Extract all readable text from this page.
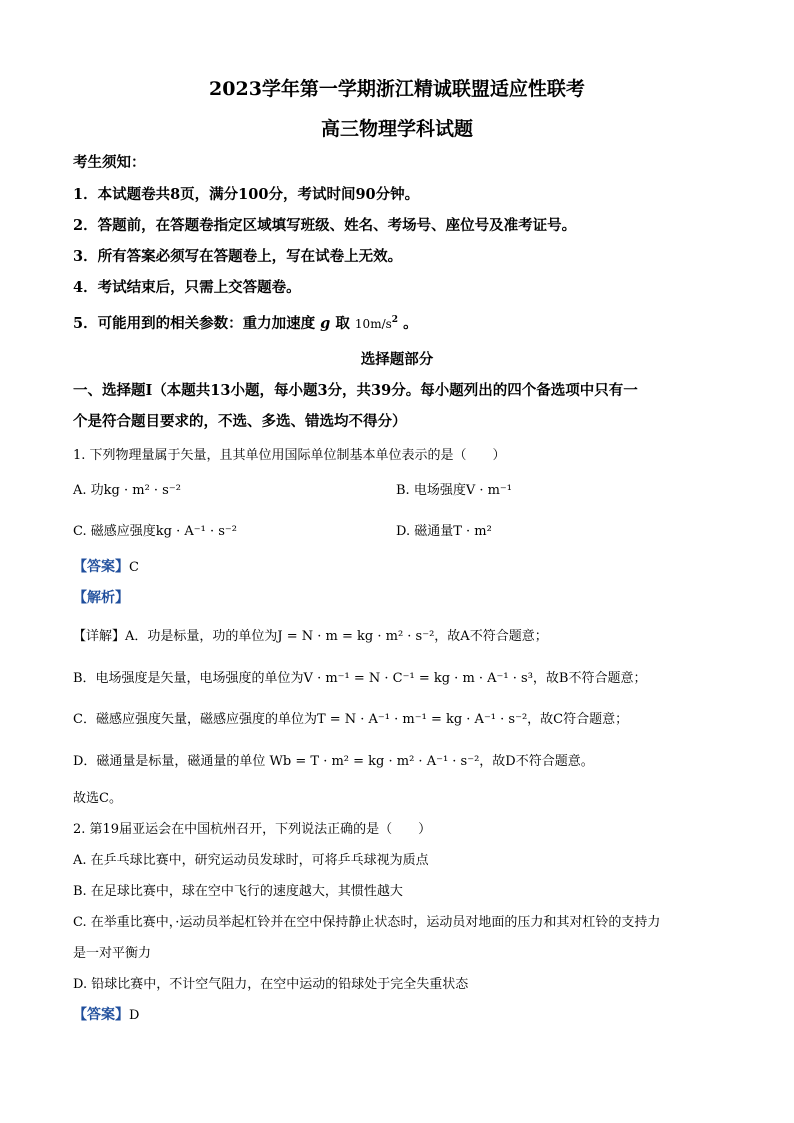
2023学年第一学期浙江精诚联盟适应性联考
高三物理学科试题
考生须知：
1．本试题卷共8页，满分100分，考试时间90分钟。
2．答题前，在答题卷指定区域填写班级、姓名、考场号、座位号及准考证号。
3．所有答案必须写在答题卷上，写在试卷上无效。
4．考试结束后，只需上交答题卷。
5．可能用到的相关参数：重力加速度 g 取 $10m/s^2$ 。
选择题部分
一、选择题Ⅰ（本题共13小题，每小题3分，共39分。每小题列出的四个备选项中只有一
个是符合题目要求的，不选、多选、错选均不得分）
1. 下列物理量属于矢量，且其单位用国际单位制基本单位表示的是（　　）
A. 功kg · m² · s⁻²	B. 电场强度V · m⁻¹
C. 磁感应强度kg · A⁻¹ · s⁻²	D. 磁通量T · m²
【答案】C
【解析】
【详解】A．功是标量，功的单位为J = N · m = kg · m² · s⁻²，故A不符合题意；
B．电场强度是矢量，电场强度的单位为V · m⁻¹ = N · C⁻¹ = kg · m · A⁻¹ · s³，故B不符合题意；
C．磁感应强度矢量，磁感应强度的单位为T = N · A⁻¹ · m⁻¹ = kg · A⁻¹ · s⁻²，故C符合题意；
D．磁通量是标量，磁通量的单位 Wb = T · m² = kg · m² · A⁻¹ · s⁻²，故D不符合题意。
故选C。
2. 第19届亚运会在中国杭州召开，下列说法正确的是（　　）
A. 在乒乓球比赛中，研究运动员发球时，可将乒乓球视为质点
B. 在足球比赛中，球在空中飞行的速度越大，其惯性越大
C. 在举重比赛中，·运动员举起杠铃并在空中保持静止状态时，运动员对地面的压力和其对杠铃的支持力
是一对平衡力
D. 铅球比赛中，不计空气阻力，在空中运动的铅球处于完全失重状态
【答案】D
